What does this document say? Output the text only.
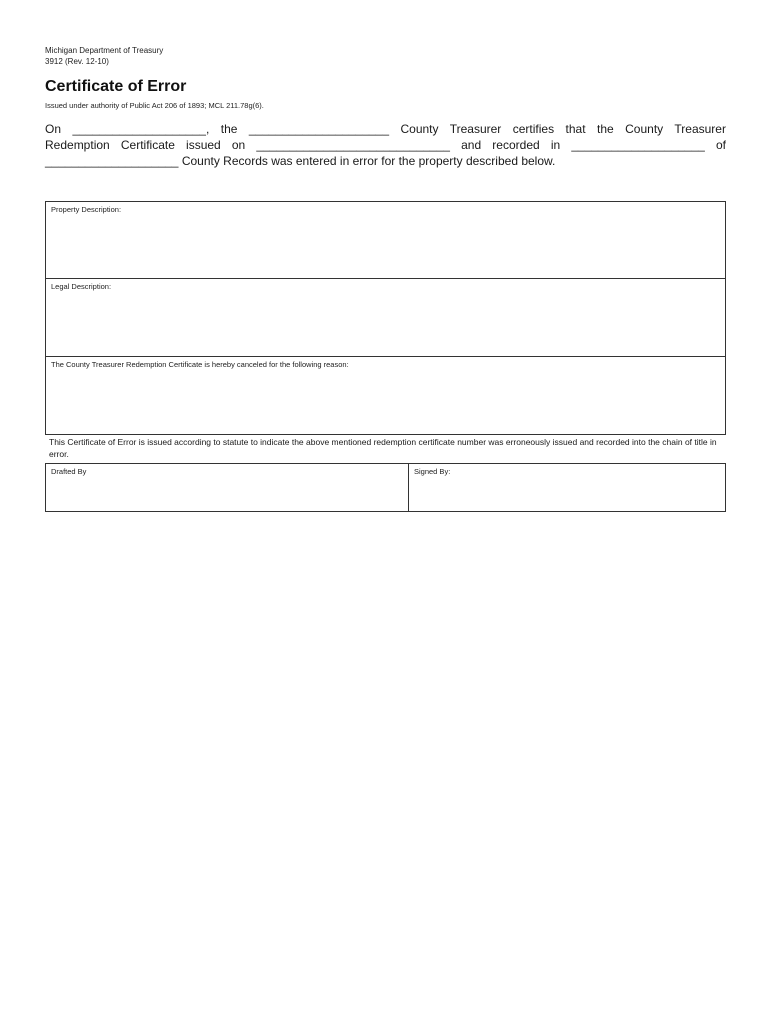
Michigan Department of Treasury
3912 (Rev. 12-10)
Certificate of Error
Issued under authority of Public Act 206 of 1893; MCL 211.78g(6).
On ____________________, the _____________________ County Treasurer certifies that the County Treasurer
Redemption Certificate issued on _____________________________ and recorded in ____________________ of
____________________ County Records was entered in error for the property described below.
Property Description:
Legal Description:
The County Treasurer Redemption Certificate is hereby canceled for the following reason:
This Certificate of Error is issued according to statute to indicate the above mentioned redemption certificate number was erroneously issued and recorded into the chain of title in error.
Drafted By	Signed By:
